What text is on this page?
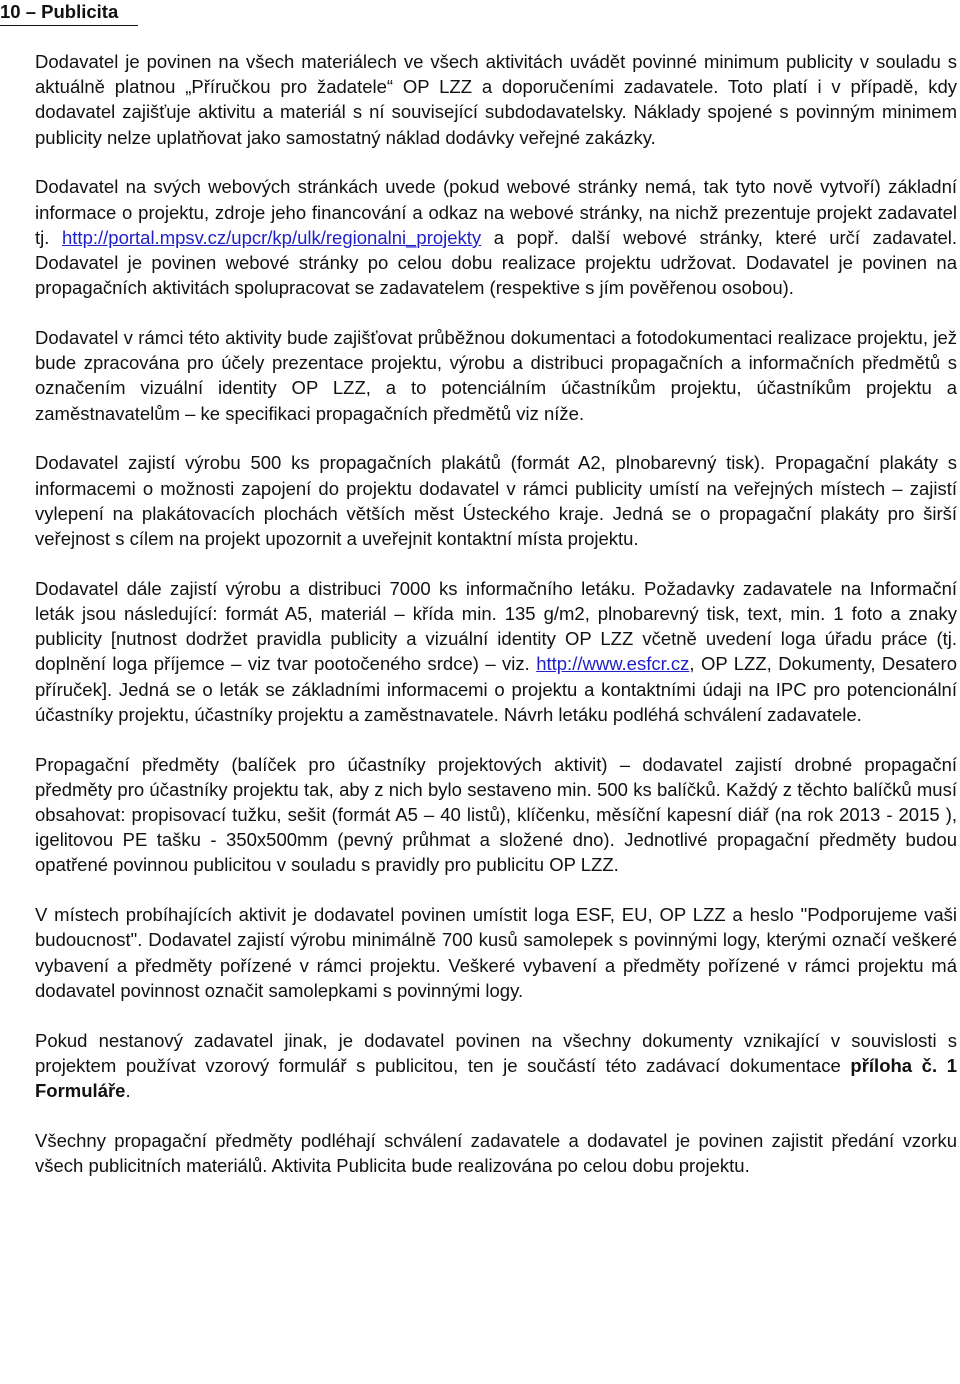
10 – Publicita

Dodavatel je povinen na všech materiálech ve všech aktivitách uvádět povinné minimum publicity v souladu s aktuálně platnou „Příručkou pro žadatele“ OP LZZ a doporučeními zadavatele. Toto platí i v případě, kdy dodavatel zajišťuje aktivitu a materiál s ní související subdodavatelsky. Náklady spojené s povinným minimem publicity nelze uplatňovat jako samostatný náklad dodávky veřejné zakázky.

Dodavatel na svých webových stránkách uvede (pokud webové stránky nemá, tak tyto nově vytvoří) základní informace o projektu, zdroje jeho financování a odkaz na webové stránky, na nichž prezentuje projekt zadavatel tj. http://portal.mpsv.cz/upcr/kp/ulk/regionalni_projekty a popř. další webové stránky, které určí zadavatel. Dodavatel je povinen webové stránky po celou dobu realizace projektu udržovat. Dodavatel je povinen na propagačních aktivitách spolupracovat se zadavatelem (respektive s jím pověřenou osobou).

Dodavatel v rámci této aktivity bude zajišťovat průběžnou dokumentaci a fotodokumentaci realizace projektu, jež bude zpracována pro účely prezentace projektu, výrobu a distribuci propagačních a informačních předmětů s označením vizuální identity OP LZZ, a to potenciálním účastníkům projektu, účastníkům projektu a zaměstnavatelům – ke specifikaci propagačních předmětů viz níže.

Dodavatel zajistí výrobu 500 ks propagačních plakátů (formát A2, plnobarevný tisk). Propagační plakáty s informacemi o možnosti zapojení do projektu dodavatel v rámci publicity umístí na veřejných místech – zajistí vylepení na plakátovacích plochách větších měst Ústeckého kraje. Jedná se o propagační plakáty pro širší veřejnost s cílem na projekt upozornit a uveřejnit kontaktní místa projektu.

Dodavatel dále zajistí výrobu a distribuci 7000 ks informačního letáku. Požadavky zadavatele na Informační leták jsou následující: formát A5, materiál – křída min. 135 g/m2, plnobarevný tisk, text, min. 1 foto a znaky publicity [nutnost dodržet pravidla publicity a vizuální identity OP LZZ včetně uvedení loga úřadu práce (tj. doplnění loga příjemce – viz tvar pootočeného srdce) – viz. http://www.esfcr.cz, OP LZZ, Dokumenty, Desatero příruček]. Jedná se o leták se základními informacemi o projektu a kontaktními údaji na IPC pro potencionální účastníky projektu, účastníky projektu a zaměstnavatele. Návrh letáku podléhá schválení zadavatele.

Propagační předměty (balíček pro účastníky projektových aktivit) – dodavatel zajistí drobné propagační předměty pro účastníky projektu tak, aby z nich bylo sestaveno min. 500 ks balíčků. Každý z těchto balíčků musí obsahovat: propisovací tužku, sešit (formát A5 – 40 listů), klíčenku, měsíční kapesní diář (na rok 2013 - 2015 ), igelitovou PE tašku - 350x500mm (pevný průhmat a složené dno). Jednotlivé propagační předměty budou opatřené povinnou publicitou v souladu s pravidly pro publicitu OP LZZ.

V místech probíhajících aktivit je dodavatel povinen umístit loga ESF, EU, OP LZZ a heslo "Podporujeme vaši budoucnost". Dodavatel zajistí výrobu minimálně 700 kusů samolepek s povinnými logy, kterými označí veškeré vybavení a předměty pořízené v rámci projektu. Veškeré vybavení a předměty pořízené v rámci projektu má dodavatel povinnost označit samolepkami s povinnými logy.

Pokud nestanový zadavatel jinak, je dodavatel povinen na všechny dokumenty vznikající v souvislosti s projektem používat vzorový formulář s publicitou, ten je součástí této zadávací dokumentace příloha č. 1 Formuláře.

Všechny propagační předměty podléhají schválení zadavatele a dodavatel je povinen zajistit předání vzorku všech publicitních materiálů. Aktivita Publicita bude realizována po celou dobu projektu.
